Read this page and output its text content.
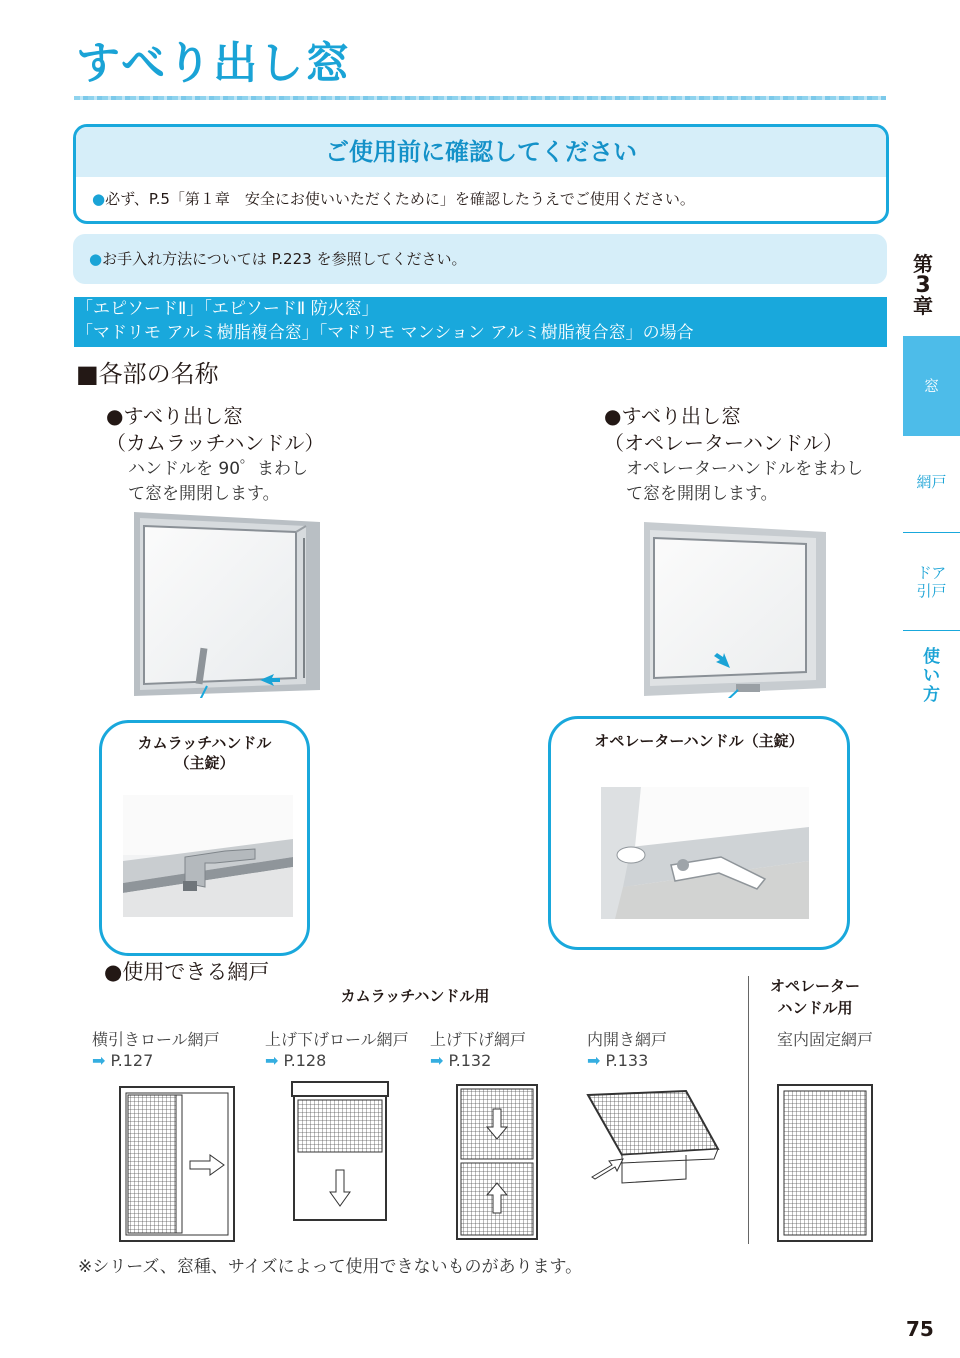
すべり出し窓
ご使用前に確認してください
●必ず、P.5「第１章　安全にお使いいただくために」を確認したうえでご使用ください。
●お手入れ方法については P.223 を参照してください。
「エピソードⅡ」「エピソードⅡ 防火窓」
「マドリモ アルミ樹脂複合窓」「マドリモ マンション アルミ樹脂複合窓」の場合
■各部の名称
●すべり出し窓
（カムラッチハンドル）
ハンドルを 90゜まわし
て窓を開閉します。
●すべり出し窓
（オペレーターハンドル）
オペレーターハンドルをまわし
て窓を開閉します。
カムラッチハンドル
（主錠）
オペレーターハンドル（主錠）
第
3
章
窓
網戸
ドア
引戸
使
い
方
●使用できる網戸
カムラッチハンドル用
オペレーター
ハンドル用
横引きロール網戸
➡ P.127
上げ下げロール網戸
➡ P.128
上げ下げ網戸
➡ P.132
内開き網戸
➡ P.133
室内固定網戸
※シリーズ、窓種、サイズによって使用できないものがあります。
75
